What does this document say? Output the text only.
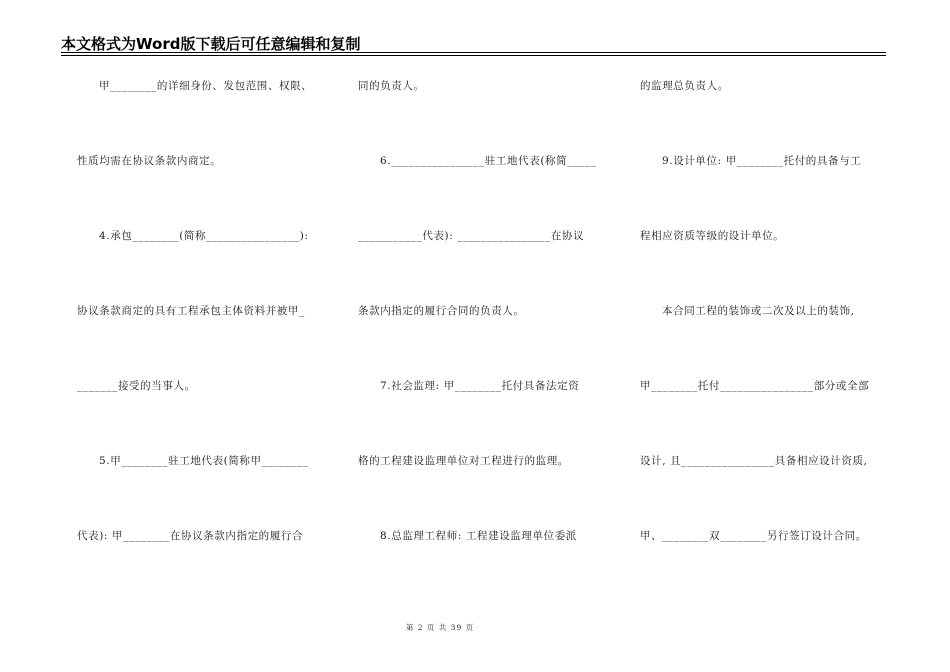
本文格式为Word版下载后可任意编辑和复制
甲________的详细身份、发包范围、权限、
性质均需在协议条款内商定。
4.承包________(简称________________):
协议条款商定的具有工程承包主体资料并被甲_
_______接受的当事人。
5.甲________驻工地代表(简称甲________
代表): 甲________在协议条款内指定的履行合
同的负责人。
6.________________驻工地代表(称简_____
___________代表): ________________在协议
条款内指定的履行合同的负责人。
7.社会监理: 甲________托付具备法定资
格的工程建设监理单位对工程进行的监理。
8.总监理工程师: 工程建设监理单位委派
的监理总负责人。
9.设计单位: 甲________托付的具备与工
程相应资质等级的设计单位。
本合同工程的装饰或二次及以上的装饰,
甲________托付________________部分或全部
设计, 且________________具备相应设计资质,
甲、________双________另行签订设计合同。
第 2 页 共 39 页
